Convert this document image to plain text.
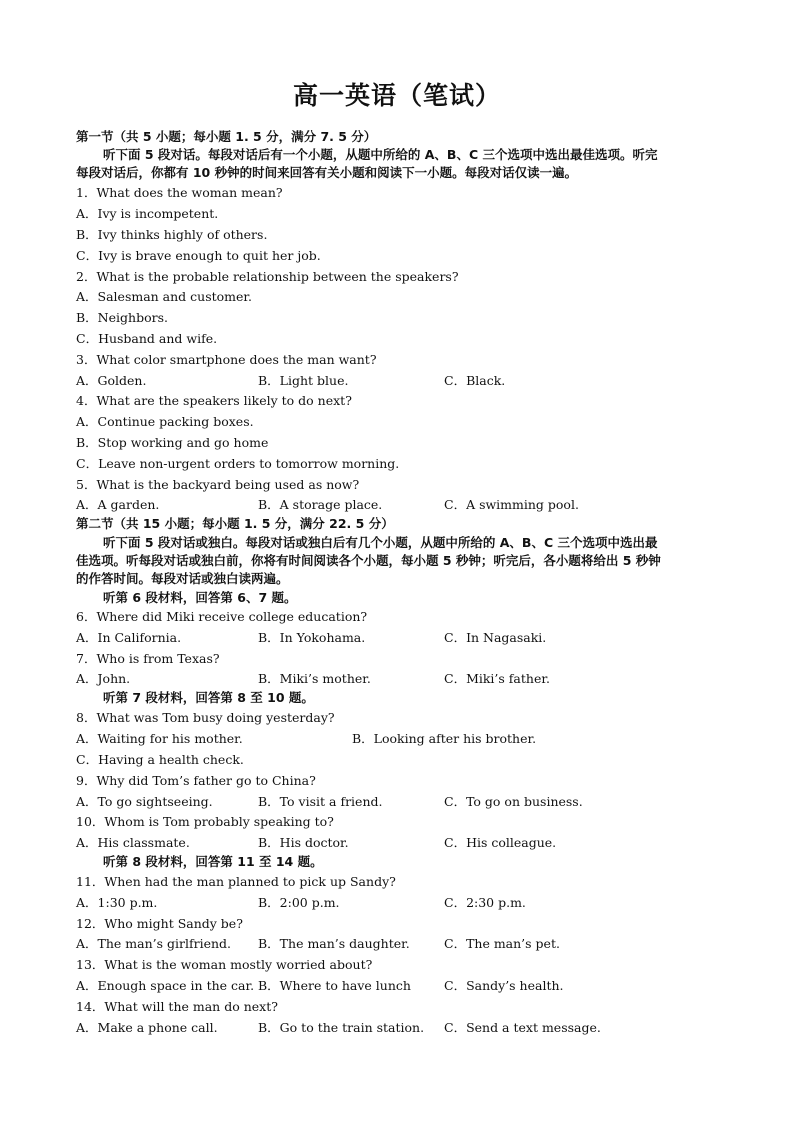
高一英语（笔试）
第一节（共 5 小题；每小题 1. 5 分，满分 7. 5 分）
听下面 5 段对话。每段对话后有一个小题，从题中所给的 A、B、C 三个选项中选出最佳选项。听完
每段对话后，你都有 10 秒钟的时间来回答有关小题和阅读下一小题。每段对话仅读一遍。
1．What does the woman mean?
A．Ivy is incompetent.
B．Ivy thinks highly of others.
C．Ivy is brave enough to quit her job.
2．What is the probable relationship between the speakers?
A．Salesman and customer.
B．Neighbors.
C．Husband and wife.
3．What color smartphone does the man want?
A．Golden.	B．Light blue.	C．Black.
4．What are the speakers likely to do next?
A．Continue packing boxes.
B．Stop working and go home
C．Leave non-urgent orders to tomorrow morning.
5．What is the backyard being used as now?
A．A garden.	B．A storage place.	C．A swimming pool.
第二节（共 15 小题；每小题 1. 5 分，满分 22. 5 分）
听下面 5 段对话或独白。每段对话或独白后有几个小题，从题中所给的 A、B、C 三个选项中选出最
佳选项。听每段对话或独白前，你将有时间阅读各个小题，每小题 5 秒钟；听完后，各小题将给出 5 秒钟
的作答时间。每段对话或独白读两遍。
听第 6 段材料，回答第 6、7 题。
6．Where did Miki receive college education?
A．In California.	B．In Yokohama.	C．In Nagasaki.
7．Who is from Texas?
A．John.	B．Miki’s mother.	C．Miki’s father.
听第 7 段材料，回答第 8 至 10 题。
8．What was Tom busy doing yesterday?
A．Waiting for his mother.	B．Looking after his brother.
C．Having a health check.
9．Why did Tom’s father go to China?
A．To go sightseeing.	B．To visit a friend.	C．To go on business.
10．Whom is Tom probably speaking to?
A．His classmate.	B．His doctor.	C．His colleague.
听第 8 段材料，回答第 11 至 14 题。
11．When had the man planned to pick up Sandy?
A．1:30 p.m.	B．2:00 p.m.	C．2:30 p.m.
12．Who might Sandy be?
A．The man’s girlfriend. B．The man’s daughter.	C．The man’s pet.
13．What is the woman mostly worried about?
A．Enough space in the car. B．Where to have lunch	C．Sandy’s health.
14．What will the man do next?
A．Make a phone call.	B．Go to the train station. C．Send a text message.
